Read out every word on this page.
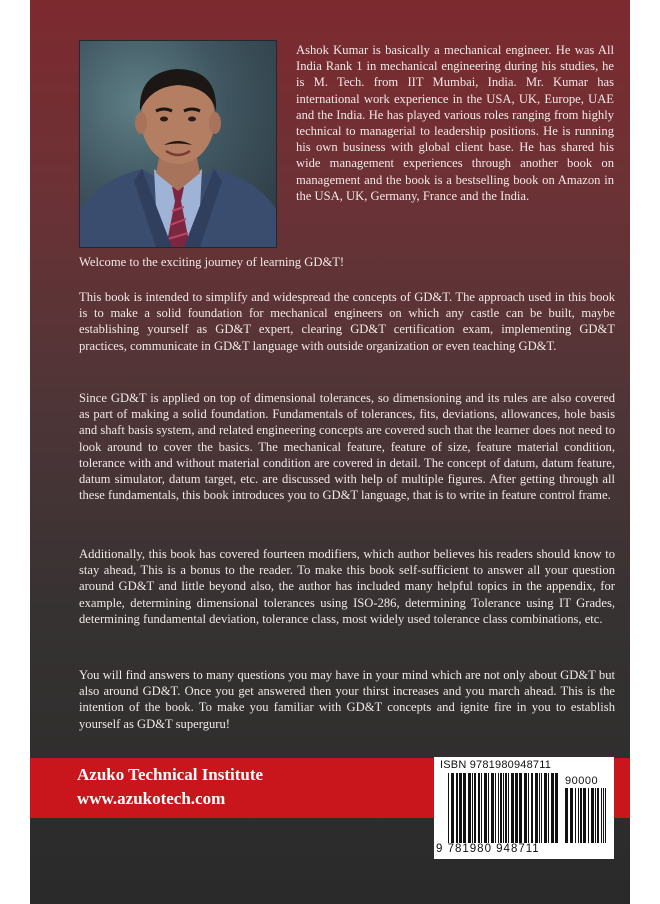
Ashok Kumar is basically a mechanical engineer. He was All India Rank 1 in mechanical engineering during his studies, he is M. Tech. from IIT Mumbai, India. Mr. Kumar has international work experience in the USA, UK, Europe, UAE and the India. He has played various roles ranging from highly technical to managerial to leadership positions. He is running his own business with global client base. He has shared his wide management experiences through another book on management and the book is a bestselling book on Amazon in the USA, UK, Germany, France and the India.
Welcome to the exciting journey of learning GD&T!
This book is intended to simplify and widespread the concepts of GD&T. The approach used in this book is to make a solid foundation for mechanical engineers on which any castle can be built, maybe establishing yourself as GD&T expert, clearing GD&T certification exam, implementing GD&T practices, communicate in GD&T language with outside organization or even teaching GD&T.
Since GD&T is applied on top of dimensional tolerances, so dimensioning and its rules are also covered as part of making a solid foundation. Fundamentals of tolerances, fits, deviations, allowances, hole basis and shaft basis system, and related engineering concepts are covered such that the learner does not need to look around to cover the basics. The mechanical feature, feature of size, feature material condition, tolerance with and without material condition are covered in detail. The concept of datum, datum feature, datum simulator, datum target, etc. are discussed with help of multiple figures. After getting through all these fundamentals, this book introduces you to GD&T language, that is to write in feature control frame.
Additionally, this book has covered fourteen modifiers, which author believes his readers should know to stay ahead, This is a bonus to the reader. To make this book self-sufficient to answer all your question around GD&T and little beyond also, the author has included many helpful topics in the appendix, for example, determining dimensional tolerances using ISO-286, determining Tolerance using IT Grades, determining fundamental deviation, tolerance class, most widely used tolerance class combinations, etc.
You will find answers to many questions you may have in your mind which are not only about GD&T but also around GD&T. Once you get answered then your thirst increases and you march ahead. This is the intention of the book. To make you familiar with GD&T concepts and ignite fire in you to establish yourself as GD&T superguru!
Azuko Technical Institute
www.azukotech.com
ISBN 9781980948711
90000
9 781980 948711
